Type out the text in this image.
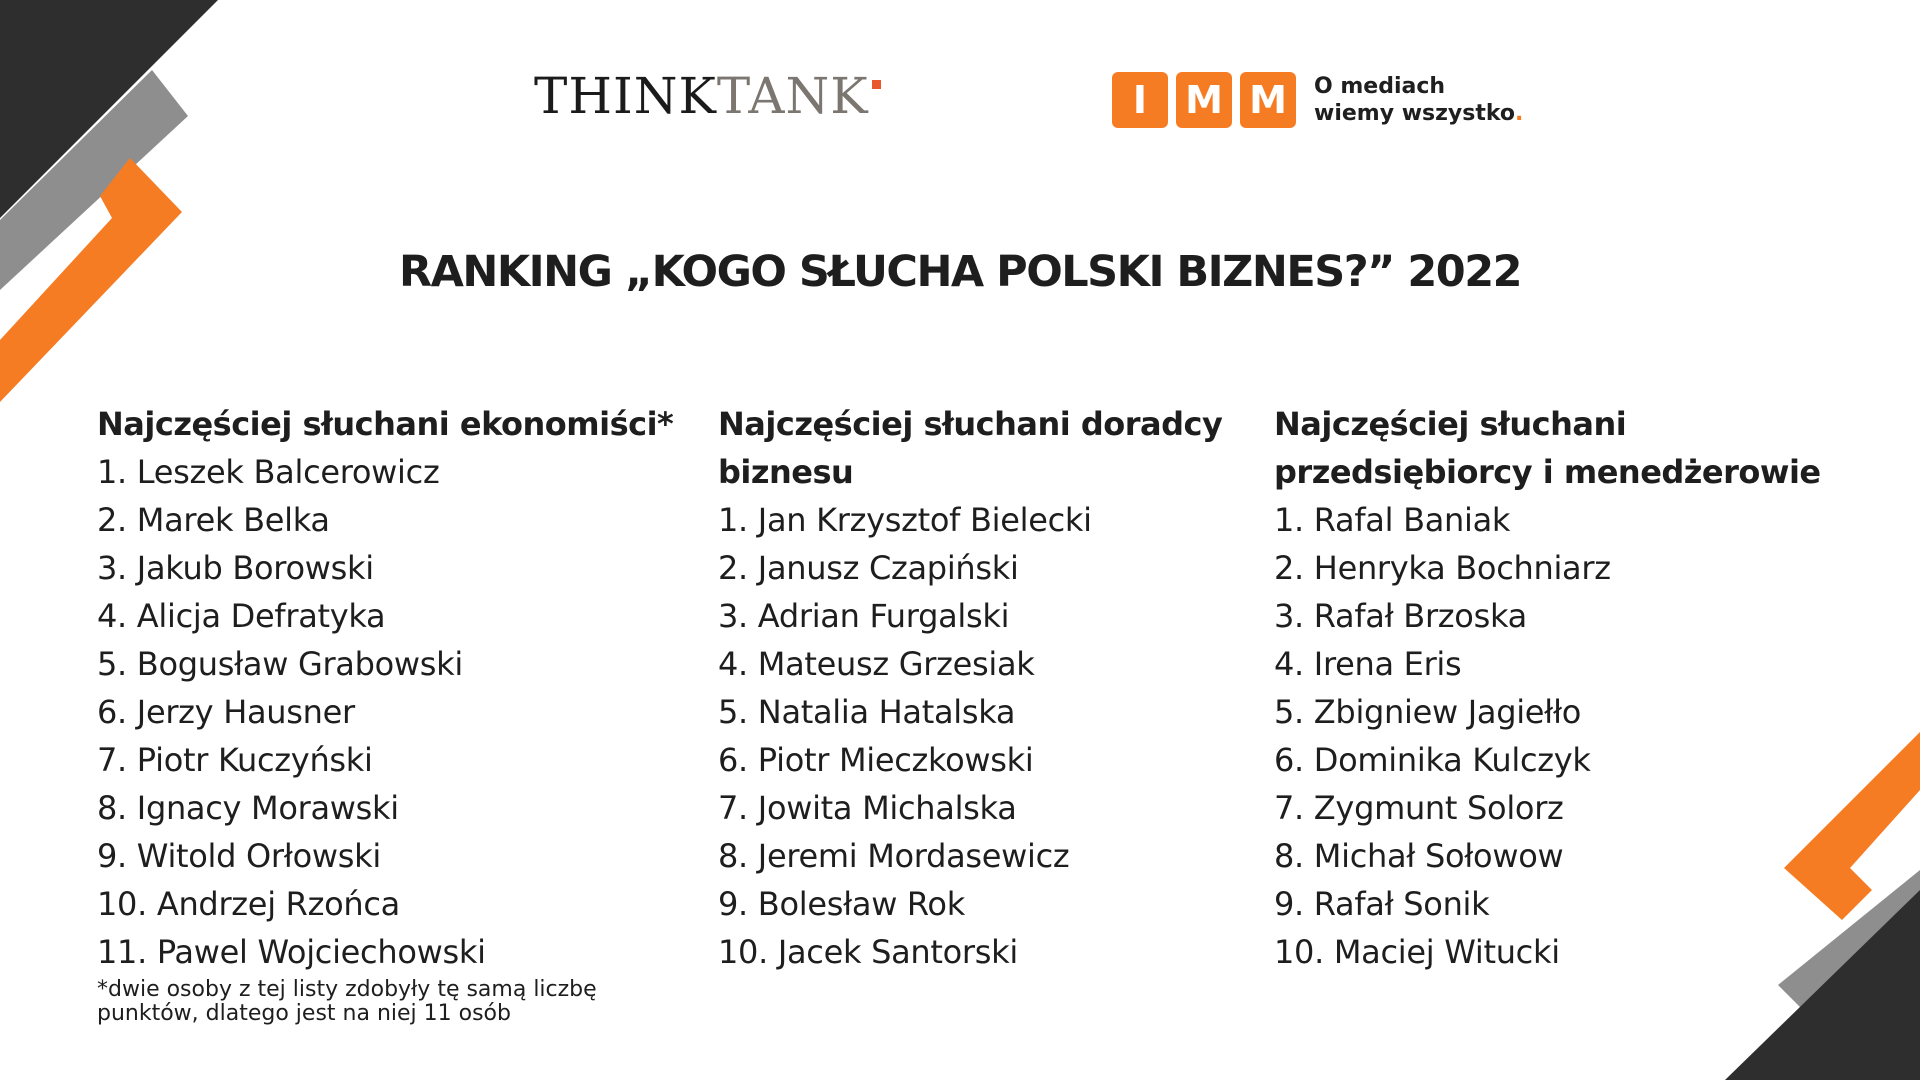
THINK TANK	I	M M	O mediach
wiemy wszystko.
RANKING „KOGO SŁUCHA POLSKI BIZNES?” 2022
Najczęściej słuchani ekonomiści*
1. Leszek Balcerowicz
2. Marek Belka
3. Jakub Borowski
4. Alicja Defratyka
5. Bogusław Grabowski
6. Jerzy Hausner
7. Piotr Kuczyński
8. Ignacy Morawski
9. Witold Orłowski
10. Andrzej Rzońca
11. Pawel Wojciechowski
*dwie osoby z tej listy zdobyły tę samą liczbę punktów, dlatego jest na niej 11 osób
Najczęściej słuchani doradcy biznesu
1. Jan Krzysztof Bielecki
2. Janusz Czapiński
3. Adrian Furgalski
4. Mateusz Grzesiak
5. Natalia Hatalska
6. Piotr Mieczkowski
7. Jowita Michalska
8. Jeremi Mordasewicz
9. Bolesław Rok
10. Jacek Santorski
Najczęściej słuchani przedsiębiorcy i menedżerowie
1. Rafal Baniak
2. Henryka Bochniarz
3. Rafał Brzoska
4. Irena Eris
5. Zbigniew Jagiełło
6. Dominika Kulczyk
7. Zygmunt Solorz
8. Michał Sołowow
9. Rafał Sonik
10. Maciej Witucki
